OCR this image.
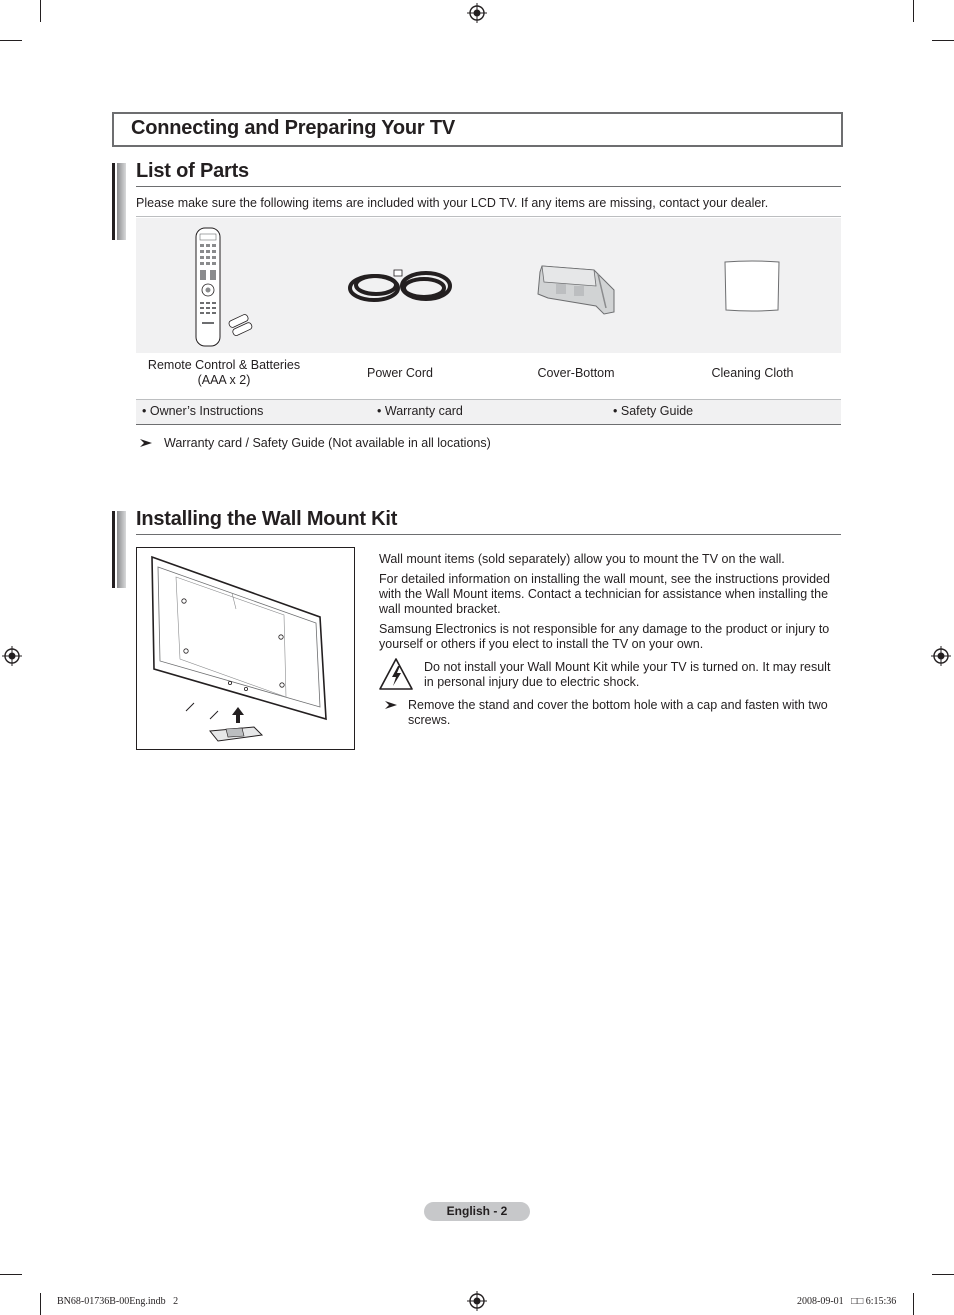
Connecting and Preparing Your TV
List of Parts
Please make sure the following items are included with your LCD TV. If any items are missing, contact your dealer.
Remote Control & Batteries
(AAA x 2)	Power Cord	Cover-Bottom	Cleaning Cloth
• Owner’s Instructions	• Warranty card	• Safety Guide
Warranty card / Safety Guide (Not available in all locations)
Installing the Wall Mount Kit
Wall mount items (sold separately) allow you to mount the TV on the wall.
For detailed information on installing the wall mount, see the instructions provided with the Wall Mount items. Contact a technician for assistance when installing the wall mounted bracket.
Samsung Electronics is not responsible for any damage to the product or injury to yourself or others if you elect to install the TV on your own.
Do not install your Wall Mount Kit while your TV is turned on. It may result in personal injury due to electric shock.
Remove the stand and cover the bottom hole with a cap and fasten with two screws.
English - 2
BN68-01736B-00Eng.indb   2	2008-09-01   □□ 6:15:36
